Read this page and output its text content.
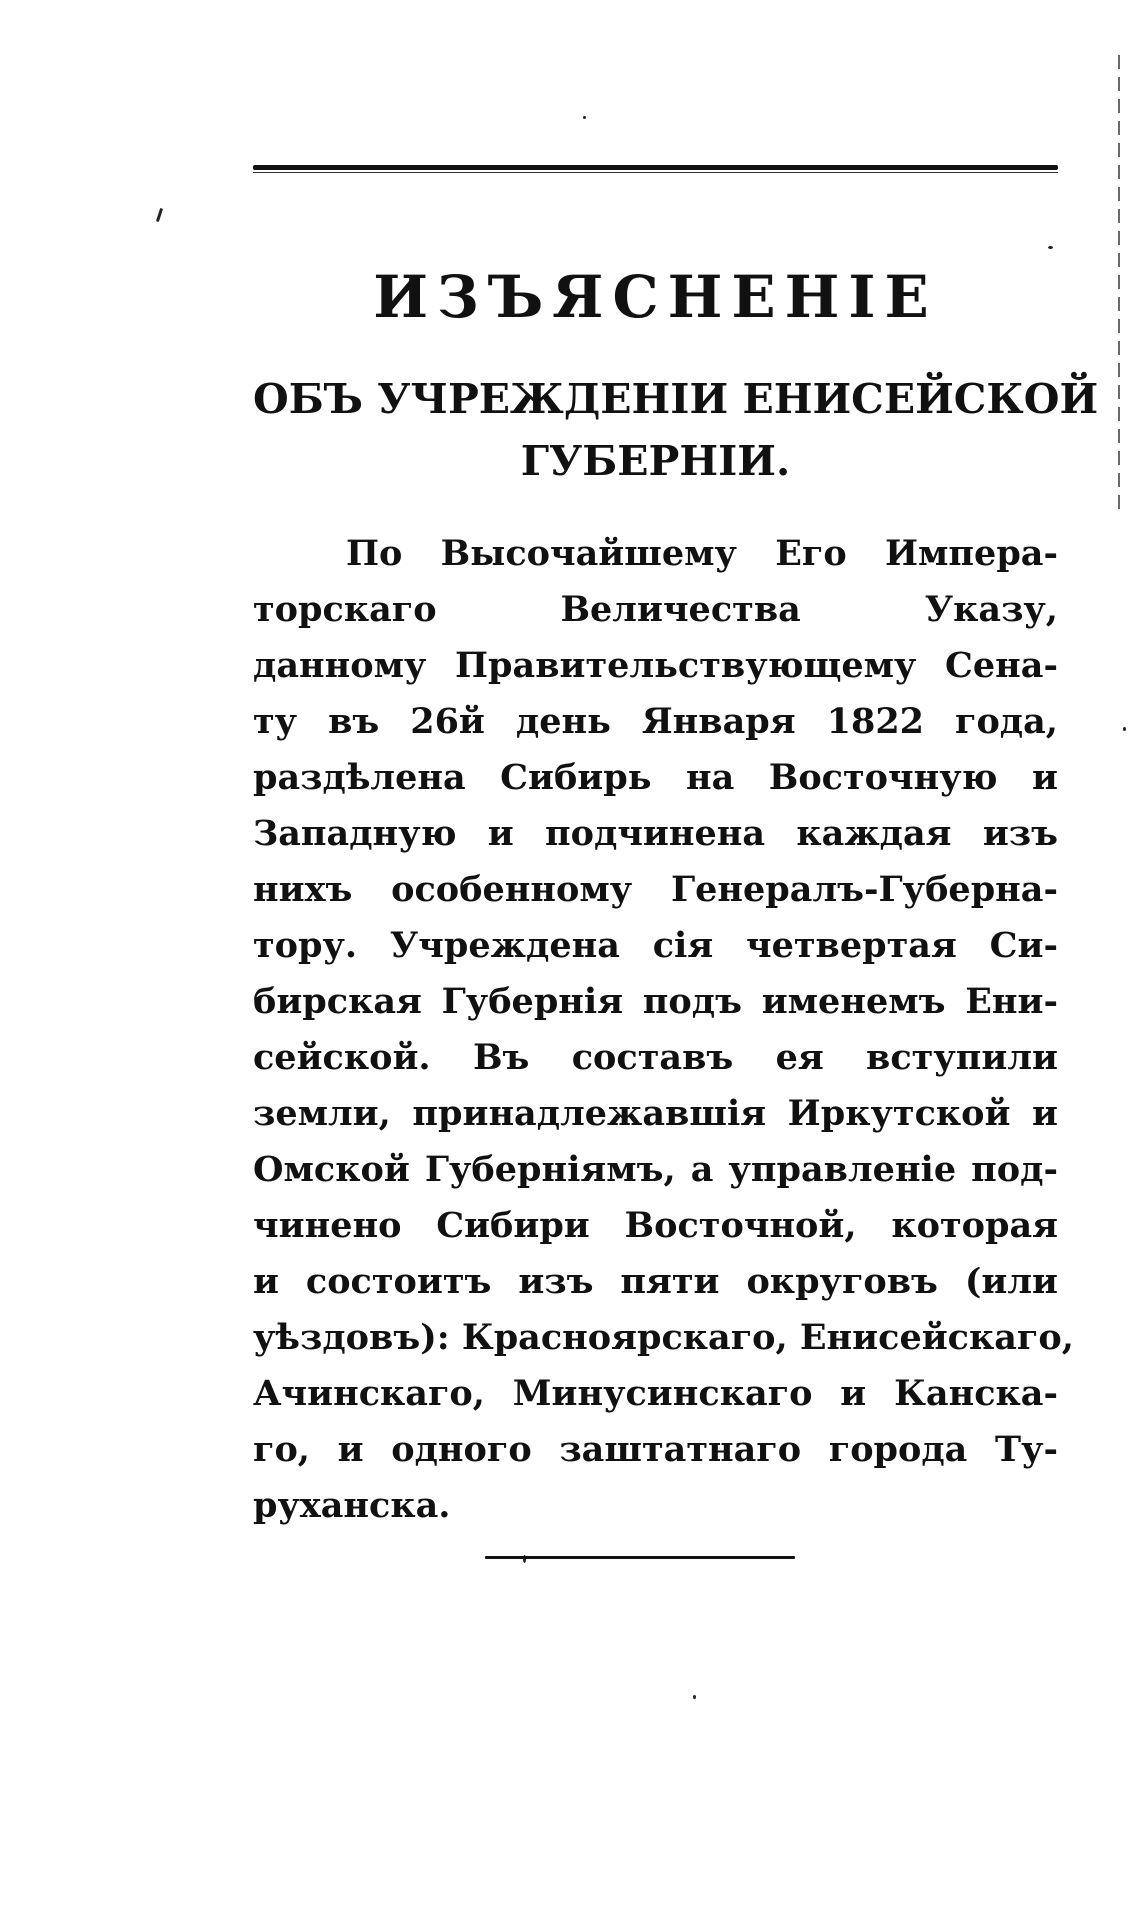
ИЗЪЯСНЕНІЕ
ОБЪ УЧРЕЖДЕНІИ ЕНИСЕЙСКОЙ
ГУБЕРНІИ.
По Высочайшему Его Импера-
торскаго Величества Указу,
данному Правительствующему Сена-
ту въ 26й день Января 1822 года,
раздѣлена Сибирь на Восточную и
Западную и подчинена каждая изъ
нихъ особенному Генералъ-Губерна-
тору. Учреждена сія четвертая Си-
бирская Губернія подъ именемъ Ени-
сейской. Въ составъ ея вступили
земли, принадлежавшія Иркутской и
Омской Губерніямъ, а управленіе под-
чинено Сибири Восточной, которая
и состоитъ изъ пяти округовъ (или
уѣздовъ): Красноярскаго, Енисейскаго,
Ачинскаго, Минусинскаго и Канска-
го, и одного заштатнаго города Ту-
руханска.
